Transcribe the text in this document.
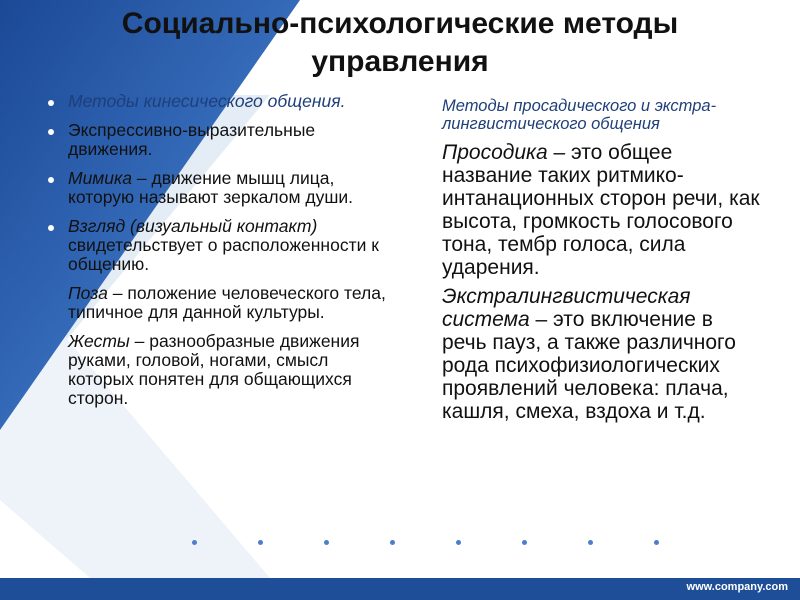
Социально-психологические методы управления
Методы кинесического общения.
Экспрессивно-выразительные движения.
Мимика – движение мышц лица, которую называют зеркалом души.
Взгляд (визуальный контакт) свидетельствует о расположенности к общению.
Поза – положение человеческого тела, типичное для данной культуры.
Жесты – разнообразные движения руками, головой, ногами, смысл которых понятен для общающихся сторон.
Методы просадического и экстра-лингвистического общения
Просодика – это общее название таких ритмико-интанационных сторон речи, как высота, громкость голосового тона, тембр голоса, сила ударения.
Экстралингвистическая система – это включение в речь пауз, а также различного рода психофизиологических проявлений человека: плача, кашля, смеха, вздоха и т.д.
www.company.com
